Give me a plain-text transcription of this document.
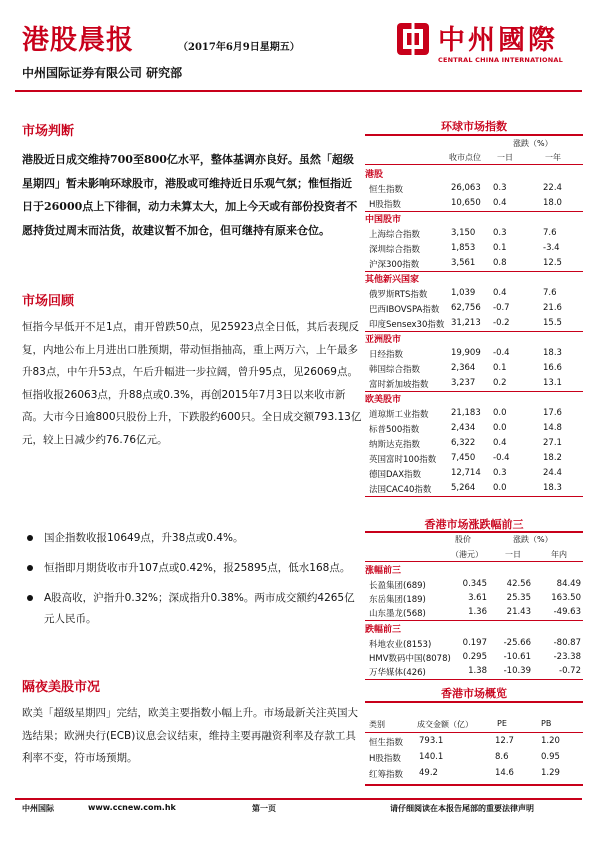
港股晨报	（2017年6月9日星期五）
中州国际证券有限公司 研究部
中州國際
CENTRAL CHINA INTERNATIONAL
市场判断
港股近日成交维持700至800亿水平，整体基调亦良好。虽然「超级星期四」暂未影响环球股市，港股或可维持近日乐观气氛；惟恒指近日于26000点上下徘徊，动力未算太大，加上今天或有部份投资者不愿持货过周末而沽货，故建议暂不加仓，但可继持有原来仓位。
市场回顾
恒指今早低开不足1点，甫开曾跌50点，见25923点全日低，其后表现反复，内地公布上月进出口胜预期，带动恒指抽高，重上两万六，上午最多升83点，中午升53点，午后升幅进一步拉阔，曾升95点，见26069点。恒指收报26063点，升88点或0.3%，再创2015年7月3日以来收市新高。大市今日逾800只股份上升，下跌股约600只。全日成交额793.13亿元，较上日减少约76.76亿元。
国企指数收报10649点，升38点或0.4%。
恒指即月期货收市升107点或0.42%，报25895点，低水168点。
A股高收，沪指升0.32%；深成指升0.38%。两市成交额约4265亿元人民币。
隔夜美股市况
欧美「超级星期四」完结，欧美主要指数小幅上升。市场最新关注英国大选结果；欧洲央行(ECB)议息会议结束，维持主要再融资利率及存款工具利率不变，符市场预期。
环球市场指数
涨跌（%）
收市点位 一日	一年
港股
恒生指数	26,063 0.3	22.4
H股指数	10,650 0.4	18.0
中国股市
上海综合指数	3,150 0.3	7.6
深圳综合指数	1,853 0.1	-3.4
沪深300指数	3,561 0.8	12.5
其他新兴国家
俄罗斯RTS指数	1,039 0.4	7.6
巴西IBOVSPA指数 62,756 -0.7	21.6
印度Sensex30指数 31,213 -0.2	15.5
亚洲股市
日经指数	19,909 -0.4	18.3
韩国综合指数	2,364 0.1	16.6
富时新加坡指数	3,237 0.2	13.1
欧美股市
道琼斯工业指数	21,183 0.0	17.6
标普500指数	2,434 0.0	14.8
纳斯达克指数	6,322 0.4	27.1
英国富时100指数 7,450 -0.4	18.2
德国DAX指数	12,714 0.3	24.4
法国CAC40指数 5,264 0.0	18.3
香港市场涨跌幅前三
股价	涨跌（%）
（港元）	一日	年内
涨幅前三
长盈集团(689)	0.345 42.56	84.49
东岳集团(189)	3.61 25.35 163.50
山东墨龙(568)	1.36 21.43	-49.63
跌幅前三
科地农业(8153)	0.197 -25.66	-80.87
HMV数码中国(8078) 0.295 -10.61	-23.38
万华媒体(426)	1.38 -10.39	-0.72
香港市场概览
类别	成交金额（亿）	PE	PB
恒生指数 793.1	12.7	1.20
H股指数 140.1	8.6	0.95
红筹指数 49.2	14.6	1.29
中州国际	www.ccnew.com.hk	第一页	请仔细阅读在本报告尾部的重要法律声明
